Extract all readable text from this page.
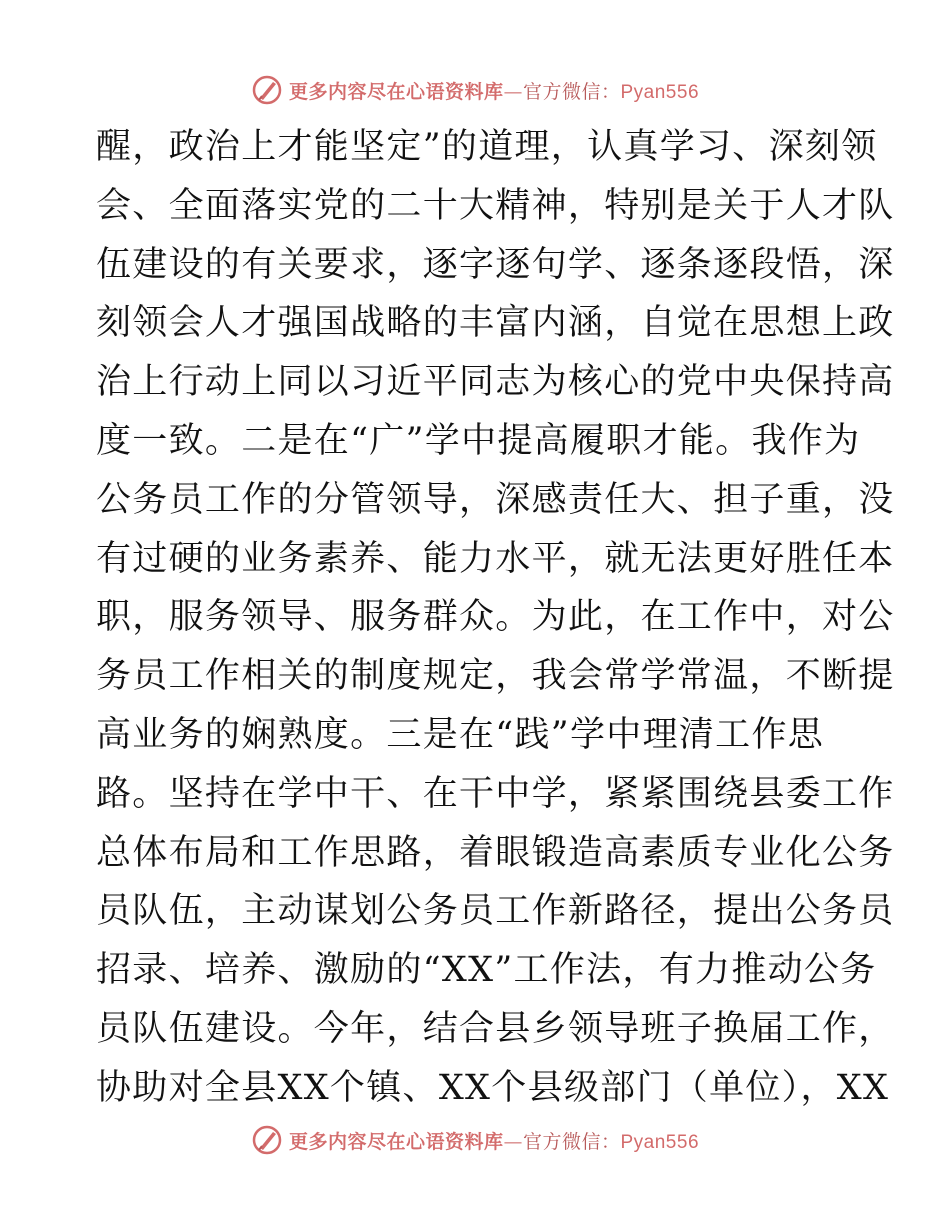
更多内容尽在心语资料库—官方微信：Pyan556
醒，政治上才能坚定”的道理，认真学习、深刻领
会、全面落实党的二十大精神，特别是关于人才队
伍建设的有关要求，逐字逐句学、逐条逐段悟，深
刻领会人才强国战略的丰富内涵，自觉在思想上政
治上行动上同以习近平同志为核心的党中央保持高
度一致。二是在“广”学中提高履职才能。我作为
公务员工作的分管领导，深感责任大、担子重，没
有过硬的业务素养、能力水平，就无法更好胜任本
职，服务领导、服务群众。为此，在工作中，对公
务员工作相关的制度规定，我会常学常温，不断提
高业务的娴熟度。三是在“践”学中理清工作思
路。坚持在学中干、在干中学，紧紧围绕县委工作
总体布局和工作思路，着眼锻造高素质专业化公务
员队伍，主动谋划公务员工作新路径，提出公务员
招录、培养、激励的“XX”工作法，有力推动公务
员队伍建设。今年，结合县乡领导班子换届工作，
协助对全县XX个镇、XX个县级部门（单位），XX
更多内容尽在心语资料库—官方微信：Pyan556
